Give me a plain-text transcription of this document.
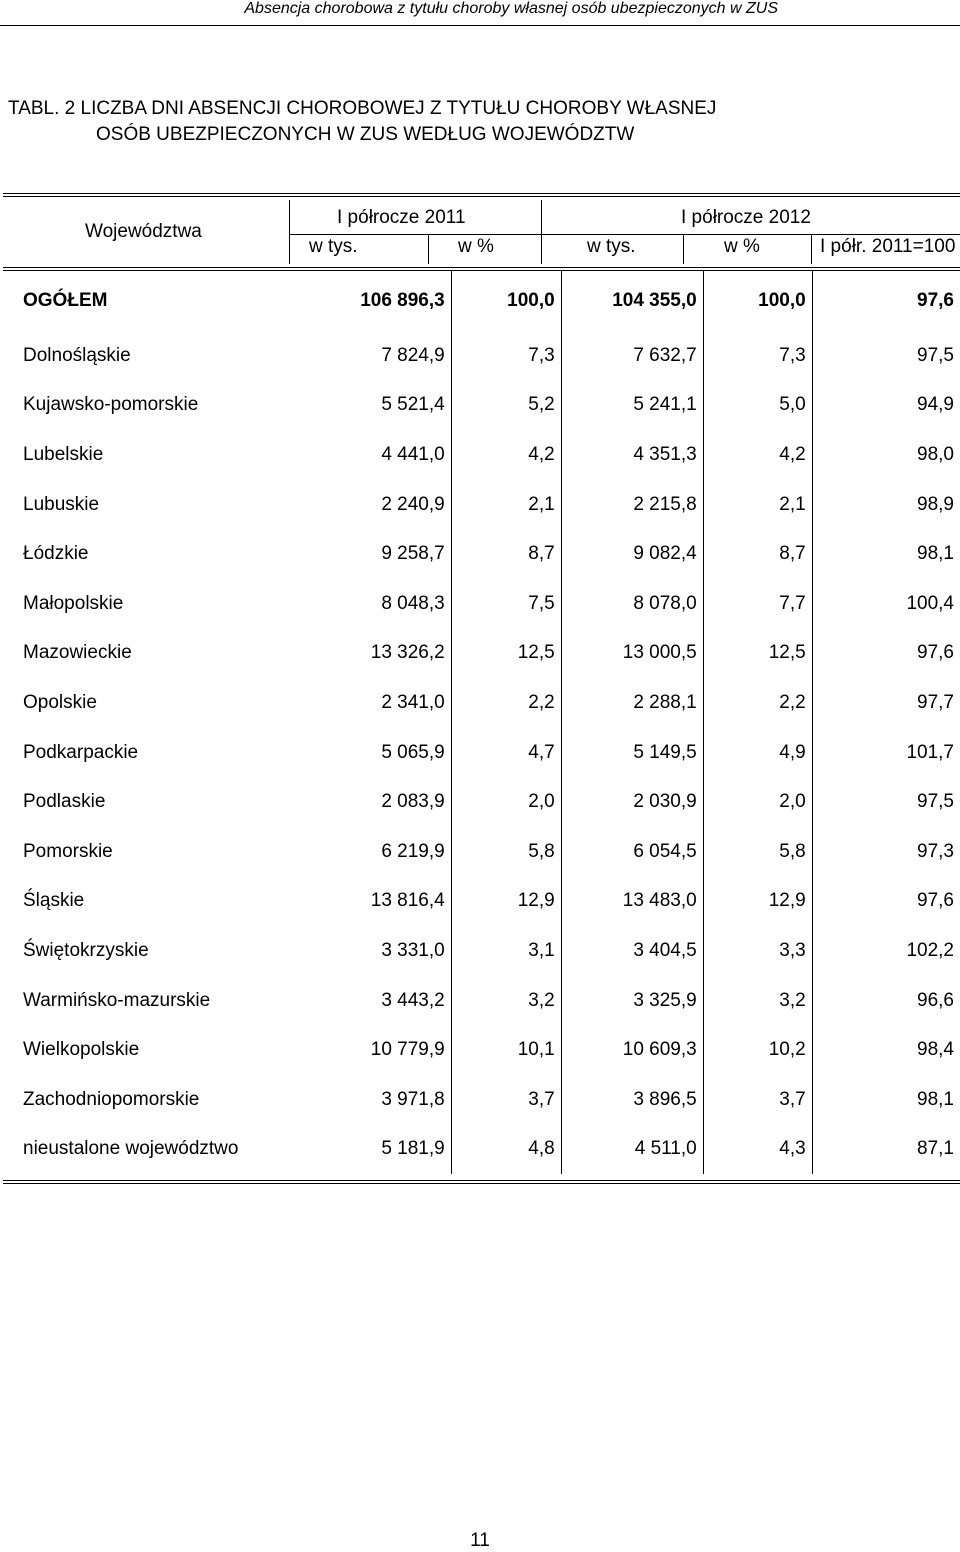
Absencja chorobowa z tytułu choroby własnej osób ubezpieczonych w ZUS
TABL. 2 LICZBA DNI ABSENCJI CHOROBOWEJ Z TYTUŁU CHOROBY WŁASNEJ
OSÓB UBEZPIECZONYCH W ZUS WEDŁUG WOJEWÓDZTW
Województwa
I półrocze 2011	I półrocze 2012
w tys.	w %	w tys.	w %	I półr. 2011=100
OGÓŁEM	106 896,3	100,0	104 355,0	100,0	97,6
Dolnośląskie	7 824,9	7,3	7 632,7	7,3	97,5
Kujawsko-pomorskie	5 521,4	5,2	5 241,1	5,0	94,9
Lubelskie	4 441,0	4,2	4 351,3	4,2	98,0
Lubuskie	2 240,9	2,1	2 215,8	2,1	98,9
Łódzkie	9 258,7	8,7	9 082,4	8,7	98,1
Małopolskie	8 048,3	7,5	8 078,0	7,7	100,4
Mazowieckie	13 326,2	12,5	13 000,5	12,5	97,6
Opolskie	2 341,0	2,2	2 288,1	2,2	97,7
Podkarpackie	5 065,9	4,7	5 149,5	4,9	101,7
Podlaskie	2 083,9	2,0	2 030,9	2,0	97,5
Pomorskie	6 219,9	5,8	6 054,5	5,8	97,3
Śląskie	13 816,4	12,9	13 483,0	12,9	97,6
Świętokrzyskie	3 331,0	3,1	3 404,5	3,3	102,2
Warmińsko-mazurskie	3 443,2	3,2	3 325,9	3,2	96,6
Wielkopolskie	10 779,9	10,1	10 609,3	10,2	98,4
Zachodniopomorskie	3 971,8	3,7	3 896,5	3,7	98,1
nieustalone województwo	5 181,9	4,8	4 511,0	4,3	87,1
11
